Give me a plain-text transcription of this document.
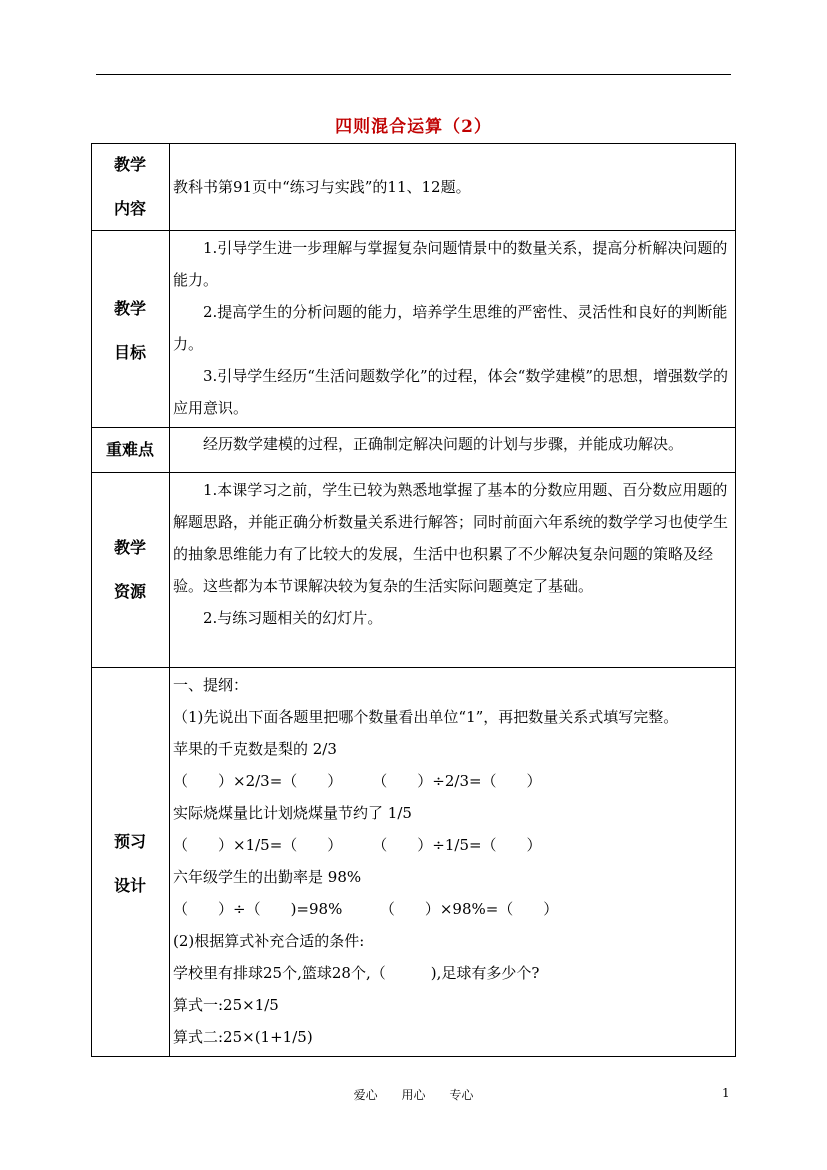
四则混合运算（2）
教学
内容
教科书第91页中“练习与实践”的11、12题。
教学
目标

1.引导学生进一步理解与掌握复杂问题情景中的数量关系，提高分析解决问题的能力。

2.提高学生的分析问题的能力，培养学生思维的严密性、灵活性和良好的判断能力。

3.引导学生经历“生活问题数学化”的过程，体会“数学建模”的思想，增强数学的应用意识。

重难点	经历数学建模的过程，正确制定解决问题的计划与步骤，并能成功解决。

教学
资源

1.本课学习之前，学生已较为熟悉地掌握了基本的分数应用题、百分数应用题的解题思路，并能正确分析数量关系进行解答；同时前面六年系统的数学学习也使学生的抽象思维能力有了比较大的发展，生活中也积累了不少解决复杂问题的策略及经验。这些都为本节课解决较为复杂的生活实际问题奠定了基础。

2.与练习题相关的幻灯片。

预习
设计

一、提纲：

（1)先说出下面各题里把哪个数量看出单位“1”，再把数量关系式填写完整。

苹果的千克数是梨的 2/3

（　　）×2/3=（　　）　　　（　　）÷2/3=（　　）

实际烧煤量比计划烧煤量节约了 1/5

（　　）×1/5=（　　）　　　（　　）÷1/5=（　　）

六年级学生的出勤率是 98%

（　　）÷（　　)=98%　　　（　　）×98%=（　　）

(2)根据算式补充合适的条件:

学校里有排球25个,篮球28个,（　　　),足球有多少个?

算式一:25×1/5

算式二:25×(1+1/5)

爱心 用心 专心	1
